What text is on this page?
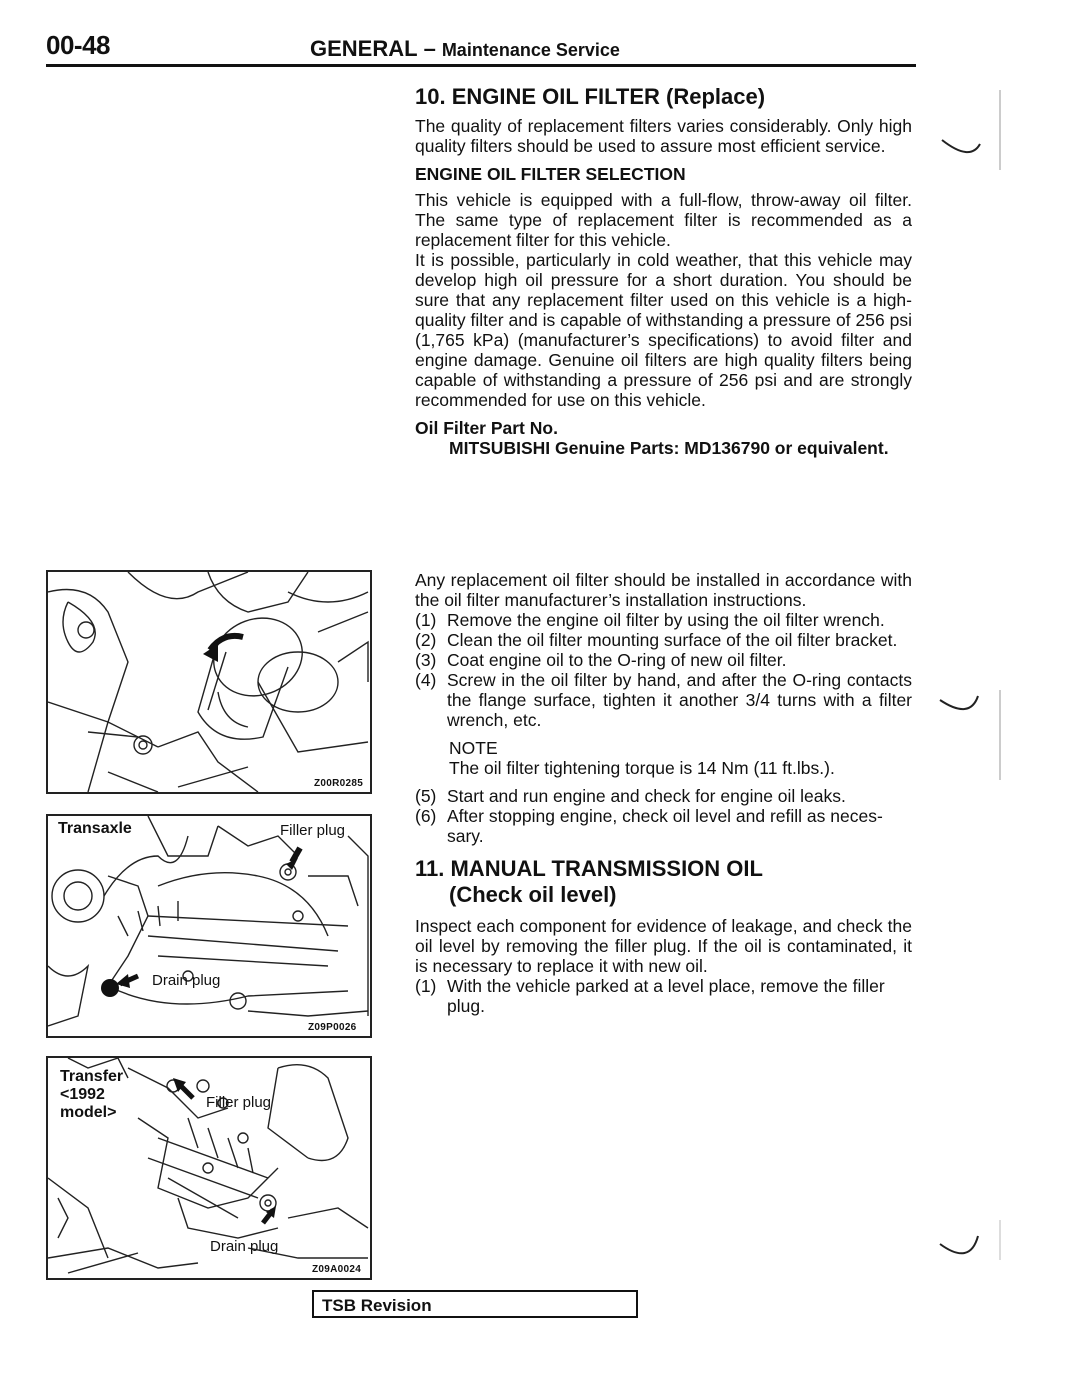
00-48	GENERAL – Maintenance Service
10. ENGINE OIL FILTER (Replace)

The quality of replacement filters varies considerably. Only high quality filters should be used to assure most efficient service.

ENGINE OIL FILTER SELECTION

This vehicle is equipped with a full-flow, throw-away oil filter. The same type of replacement filter is recommended as a replacement filter for this vehicle.

It is possible, particularly in cold weather, that this vehicle may develop high oil pressure for a short duration. You should be sure that any replacement filter used on this vehicle is a high-quality filter and is capable of withstanding a pressure of 256 psi (1,765 kPa) (manufacturer’s specifications) to avoid filter and engine damage. Genuine oil filters are high quality filters being capable of withstanding a pressure of 256 psi and are strongly recommended for use on this vehicle.

Oil Filter Part No.
MITSUBISHI Genuine Parts: MD136790 or equivalent.

Any replacement oil filter should be installed in accordance with the oil filter manufacturer’s installation instructions.

(1) Remove the engine oil filter by using the oil filter wrench.
(2) Clean the oil filter mounting surface of the oil filter bracket.
(3) Coat engine oil to the O-ring of new oil filter.
(4) Screw in the oil filter by hand, and after the O-ring contacts the flange surface, tighten it another 3/4 turns with a filter wrench, etc.
NOTE
The oil filter tightening torque is 14 Nm (11 ft.lbs.).
(5) Start and run engine and check for engine oil leaks.
(6) After stopping engine, check oil level and refill as neces-sary.
11. MANUAL TRANSMISSION OIL
(Check oil level)

Inspect each component for evidence of leakage, and check the oil level by removing the filler plug. If the oil is contaminated, it is necessary to replace it with new oil.

(1) With the vehicle parked at a level place, remove the filler plug.
Z00R0285
Transaxle	Filler plug
Drain plug
Z09P0026
Transfer
<1992
model>
Filler plug
Drain plug
Z09A0024
TSB Revision
